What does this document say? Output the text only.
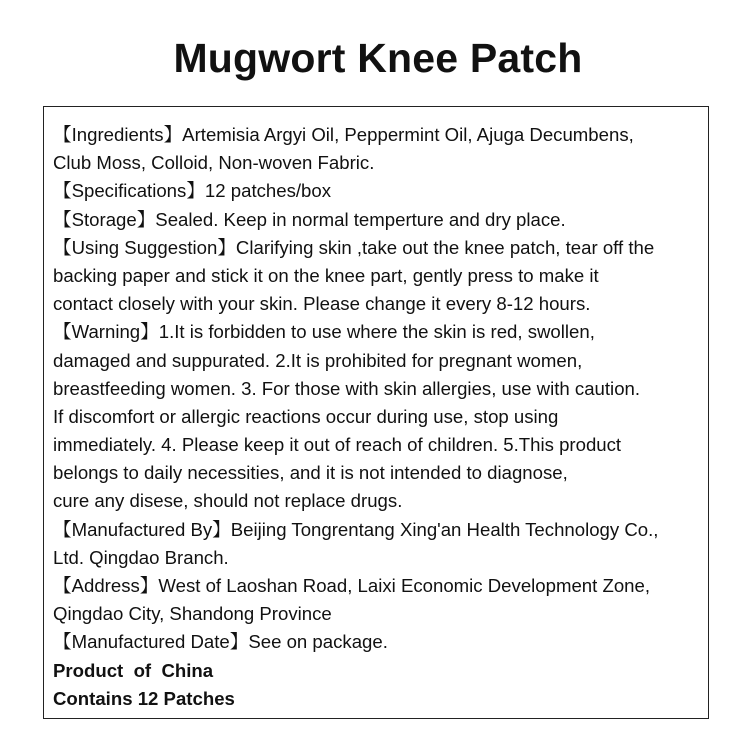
Mugwort Knee Patch
【Ingredients】Artemisia Argyi Oil, Peppermint Oil, Ajuga Decumbens,
Club Moss, Colloid, Non-woven Fabric.
【Specifications】12 patches/box
【Storage】Sealed. Keep in normal temperture and dry place.
【Using Suggestion】Clarifying skin ,take out the knee patch, tear off the
backing paper and stick it on the knee part, gently press to make it
contact closely with your skin. Please change it every 8-12 hours.
【Warning】1.It is forbidden to use where the skin is red, swollen,
damaged and suppurated. 2.It is prohibited for pregnant women,
breastfeeding women. 3. For those with skin allergies, use with caution.
If discomfort or allergic reactions occur during use, stop using
immediately. 4. Please keep it out of reach of children. 5.This product
belongs to daily necessities, and it is not intended to diagnose,
cure any disese, should not replace drugs.
【Manufactured By】Beijing Tongrentang Xing'an Health Technology Co.,
Ltd. Qingdao Branch.
【Address】West of Laoshan Road, Laixi Economic Development Zone,
Qingdao City, Shandong Province
【Manufactured Date】See on package.
Product  of  China
Contains 12 Patches
